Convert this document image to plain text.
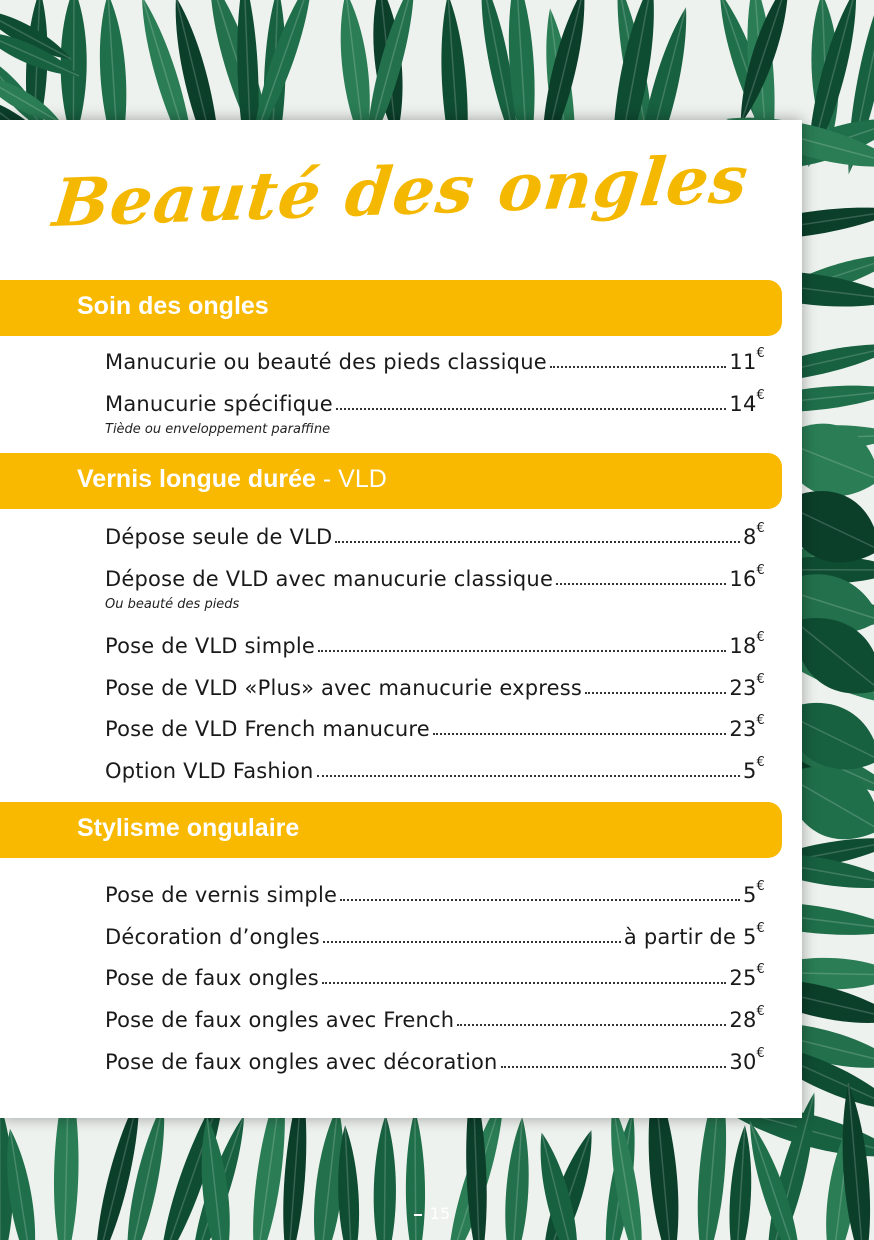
Beauté des ongles
Soin des ongles
Manucurie ou beauté des pieds classique	11€
Manucurie spécifique	14€
Tiède ou enveloppement paraffine
Vernis longue durée - VLD
Dépose seule de VLD	8€
Dépose de VLD avec manucurie classique	16€
Ou beauté des pieds
Pose de VLD simple	18€
Pose de VLD «Plus» avec manucurie express	23€
Pose de VLD French manucure	23€
Option VLD Fashion	5€
Stylisme ongulaire
Pose de vernis simple	5€
Décoration d’ongles	à partir de 5€
Pose de faux ongles	25€
Pose de faux ongles avec French	28€
Pose de faux ongles avec décoration	30€
15
